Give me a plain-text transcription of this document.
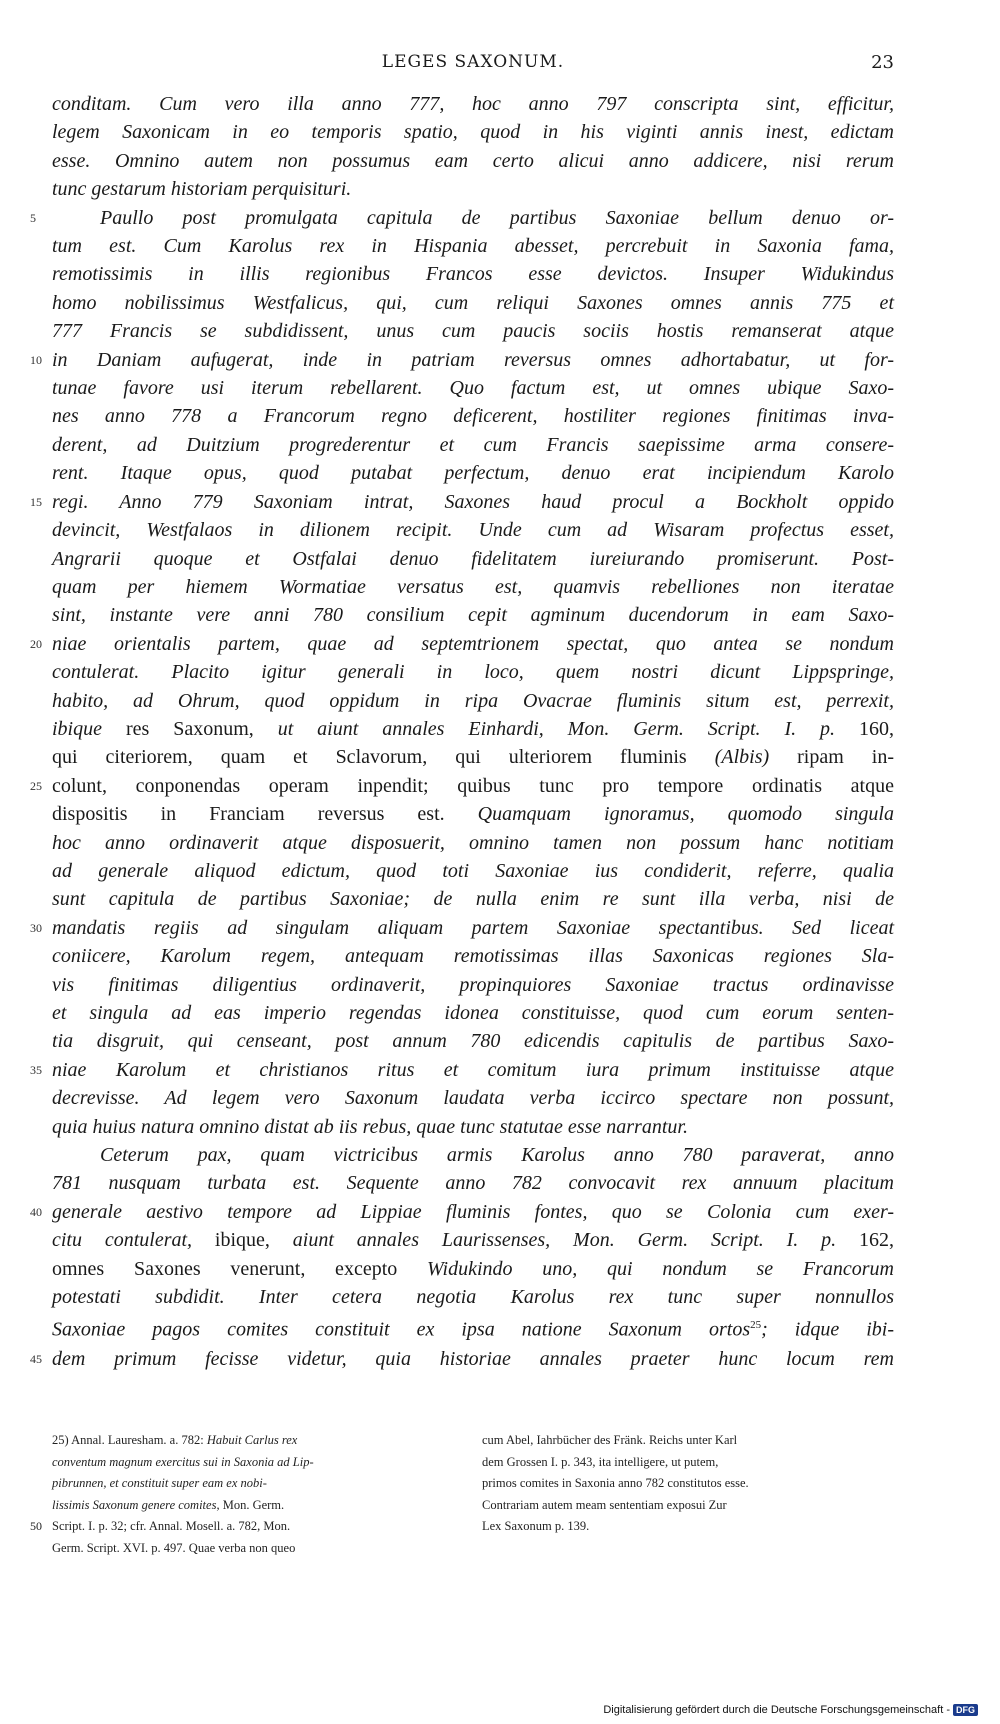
LEGES SAXONUM.	23
conditam. Cum vero illa anno 777, hoc anno 797 conscripta sint, efficitur,
legem Saxonicam in eo temporis spatio, quod in his viginti annis inest, edictam
esse. Omnino autem non possumus eam certo alicui anno addicere, nisi rerum
tunc gestarum historiam perquisituri.
5	Paullo post promulgata capitula de partibus Saxoniae bellum denuo or-
tum est. Cum Karolus rex in Hispania abesset, percrebuit in Saxonia fama,
remotissimis in illis regionibus Francos esse devictos. Insuper Widukindus
homo nobilissimus Westfalicus, qui, cum reliqui Saxones omnes annis 775 et
777 Francis se subdidissent, unus cum paucis sociis hostis remanserat atque
10 in Daniam aufugerat, inde in patriam reversus omnes adhortabatur, ut for-
tunae favore usi iterum rebellarent. Quo factum est, ut omnes ubique Saxo-
nes anno 778 a Francorum regno deficerent, hostiliter regiones finitimas inva-
derent, ad Duitzium progrederentur et cum Francis saepissime arma consere-
rent. Itaque opus, quod putabat perfectum, denuo erat incipiendum Karolo
15 regi. Anno 779 Saxoniam intrat, Saxones haud procul a Bockholt oppido
devincit, Westfalaos in dilionem recipit. Unde cum ad Wisaram profectus esset,
Angrarii quoque et Ostfalai denuo fidelitatem iureiurando promiserunt. Post-
quam per hiemem Wormatiae versatus est, quamvis rebelliones non iteratae
sint, instante vere anni 780 consilium cepit agminum ducendorum in eam Saxo-
20 niae orientalis partem, quae ad septemtrionem spectat, quo antea se nondum
contulerat. Placito igitur generali in loco, quem nostri dicunt Lippspringe,
habito, ad Ohrum, quod oppidum in ripa Ovacrae fluminis situm est, perrexit,
ibique res Saxonum, ut aiunt annales Einhardi, Mon. Germ. Script. I. p. 160,
qui citeriorem, quam et Sclavorum, qui ulteriorem fluminis (Albis) ripam in-
25 colunt, conponendas operam inpendit; quibus tunc pro tempore ordinatis atque
dispositis in Franciam reversus est. Quamquam ignoramus, quomodo singula
hoc anno ordinaverit atque disposuerit, omnino tamen non possum hanc notitiam
ad generale aliquod edictum, quod toti Saxoniae ius condiderit, referre, qualia
sunt capitula de partibus Saxoniae; de nulla enim re sunt illa verba, nisi de
30 mandatis regiis ad singulam aliquam partem Saxoniae spectantibus. Sed liceat
coniicere, Karolum regem, antequam remotissimas illas Saxonicas regiones Sla-
vis finitimas diligentius ordinaverit, propinquiores Saxoniae tractus ordinavisse
et singula ad eas imperio regendas idonea constituisse, quod cum eorum senten-
tia disgruit, qui censeant, post annum 780 edicendis capitulis de partibus Saxo-
35 niae Karolum et christianos ritus et comitum iura primum instituisse atque
decrevisse. Ad legem vero Saxonum laudata verba iccirco spectare non possunt,
quia huius natura omnino distat ab iis rebus, quae tunc statutae esse narrantur.
Ceterum pax, quam victricibus armis Karolus anno 780 paraverat, anno
781 nusquam turbata est. Sequente anno 782 convocavit rex annuum placitum
40 generale aestivo tempore ad Lippiae fluminis fontes, quo se Colonia cum exer-
citu contulerat, ibique, aiunt annales Laurissenses, Mon. Germ. Script. I. p. 162,
omnes Saxones venerunt, excepto Widukindo uno, qui nondum se Francorum
potestati subdidit. Inter cetera negotia Karolus rex tunc super nonnullos
Saxoniae pagos comites constituit ex ipsa natione Saxonum ortos$^{25}$; idque ibi-
45 dem primum fecisse videtur, quia historiae annales praeter hunc locum rem
25) Annal. Lauresham. a. 782: Habuit Carlus rex
conventum magnum exercitus sui in Saxonia ad Lip-
pibrunnen, et constituit super eam ex nobi-
lissimis Saxonum genere comites, Mon. Germ.
50 Script. I. p. 32; cfr. Annal. Mosell. a. 782, Mon.
Germ. Script. XVI. p. 497. Quae verba non queo
cum Abel, Iahrbücher des Fränk. Reichs unter Karl
dem Grossen I. p. 343, ita intelligere, ut putem,
primos comites in Saxonia anno 782 constitutos esse.
Contrariam autem meam sententiam exposui Zur
Lex Saxonum p. 139.
Digitalisierung gefördert durch die Deutsche Forschungsgemeinschaft - DFG
